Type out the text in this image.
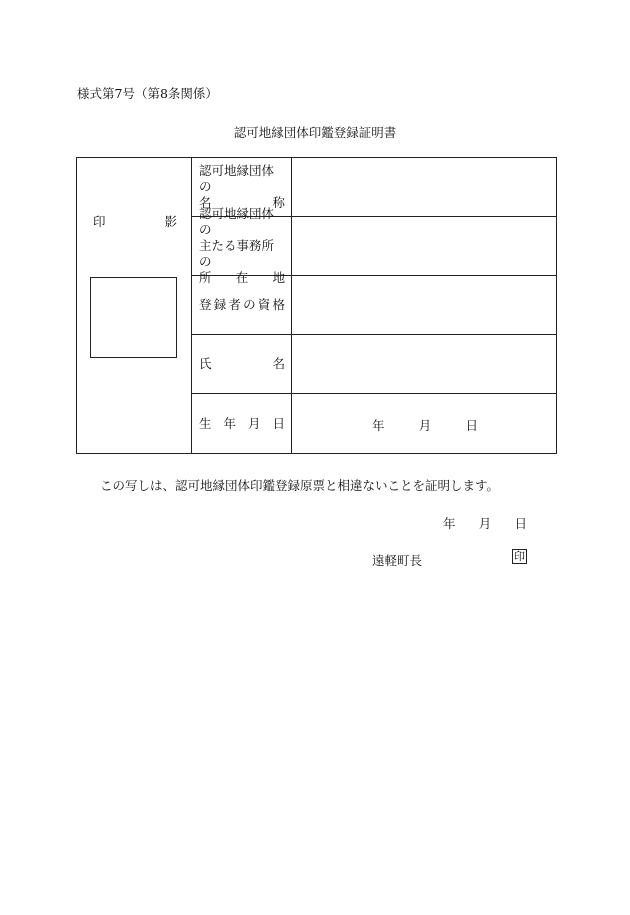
様式第7号（第8条関係）
認可地縁団体印鑑登録証明書
印	影
認可地縁団体の
名	称
認可地縁団体の
主たる事務所の
所 在 地
登 録 者 の 資 格
氏	名
生 年 月 日	年	月	日
この写しは、認可地縁団体印鑑登録原票と相違ないことを証明します。
年 月 日
遠軽町長	印
